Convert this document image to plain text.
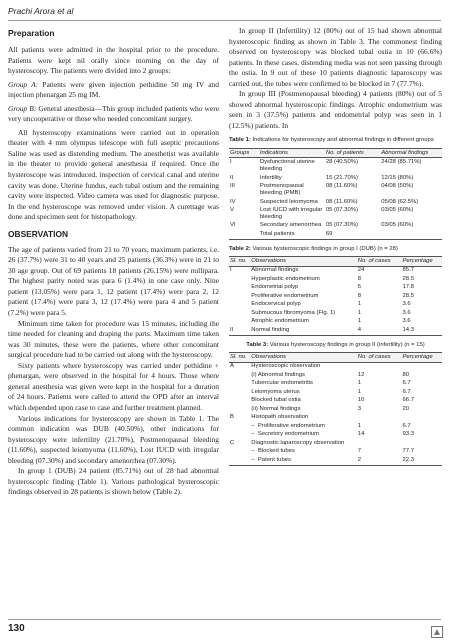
Prachi Arora et al
Preparation

All patients were admitted in the hospital prior to the procedure. Patients were kept nil orally since morning on the day of hysteroscopy. The patients were divided into 2 groups:

Group A: Patients were given injection pethidine 50 mg IV and injection phenargan 25 mg IM.

Group B: General anesthesia—This group included patients who were very uncooperative or those who needed concomitant surgery.

All hysteroscopy examinations were carried out in operation theater with 4 mm olympus telescope with full aseptic precautions Saline was used as distending medium. The anesthetist was available in the theater to provide general anesthesia if required. Once the hysteroscope was introduced, inspection of cervical canal and uterine cavity was done. Uterine fundus, each tubal ostium and the remaining cavity were inspected. Video camera was used for diagnostic purpose. In the end hysteroscope was removed under vision. A curettage was done and specimen sent for histopathology.

OBSERVATION

The age of patients varied from 21 to 70 years, maximum patients, i.e. 26 (37.7%) were 31 to 40 years and 25 patients (36.3%) were in 21 to 30 age group. Out of 69 patients 18 patients (26.15%) were nullipara. The highest parity noted was para 6 (1.4%) in one case only. Nine patient (13.05%) were para 1, 12 patient (17.4%) were para 2, 12 patient (17.4%) were para 3, 12 (17.4%) were para 4 and 5 patient (7.2%) were para 5.

Minimum time taken for procedure was 15 minutes, including the time needed for cleaning and draping the parts. Maximum time taken was 30 minutes, these were the patients, where other concomitant surgical procedure had to be carried out along with the hysteroscopy.

Sixty patients where hysteroscopy was carried under pethidine + phenargan, were observed in the hospital for 4 hours. Those where general anesthesia was given were kept in the hospital for a duration of 24 hours. Patients were called to attend the OPD after an interval which depended upon case to case and further treatment planned.

Various indications for hysteroscopy are shown in Table 1. The common indication was DUB (40.50%), other indications for hysteroscopy were infertility (21.70%), Postmenopausal bleeding (11.60%), suspected leiomyoma (11.60%), Lost IUCD with irregular bleeding (07.30%) and secondary amenorrhea (07.30%).

In group 1 (DUB) 24 patient (85.71%) out of 28 had abnormal hysteroscopic finding (Table 1). Various pathological hysteroscopic findings observed in 28 patients is shown below (Table 2).

In group II (Infertility) 12 (80%) out of 15 had shown abnormal hysteroscopic finding as shown in Table 3. The commonest finding observed on hysteroscopy was blocked tubal ostia in 10 (66.6%) patients. In these cases, distending media was not seen passing through the ostia. In 9 out of these 10 patients diagnostic laparoscopy was carried out, the tubes were confirmed to be blocked in 7 (77.7%).

In group III (Postmenopausal bleeding) 4 patients (80%) out of 5 showed abnormal hysteroscopic findings. Atrophic endometrium was seen in 3 (37.5%) patients and endometrial polyp was seen in 1 (12.5%) patients. In

Table 1: Indications for hysteroscopy and abnormal findings in different groups
Groups	Indications	No. of patients	Abnormal findings
I	Dysfunctional uterine bleeding	28 (40.50%)	24/28 (85.71%)
II	Infertility	15 (21.70%)	12/15 (80%)
III	Postmenopausal bleeding (PMB)	08 (11.60%)	04/08 (50%)
IV	Suspected leiomyoma	08 (11.60%)	05/08 (62.5%)
V	Lost IUCD with irregular bleeding	05 (07.30%)	03/05 (60%)
VI	Secondary amenorrhea	05 (07.30%)	03/05 (60%)
	Total patients	69	
Table 2: Various hysteroscopic findings in group I (DUB) (n = 28)
Sl. no.	Observations	No. of cases	Percentage
I	Abnormal findings	24	85.7
	Hyperplastic endometrium	8	28.5
	Endometrial polyp	5	17.8
	Proliferative endometrium	8	28.5
	Endocervical polyp	1	3.6
	Submucous fibromyoma (Fig. 1)	1	3.6
	Atrophic endometrium	1	3.6
II	Normal finding	4	14.3
Table 3: Various hysteroscopy findings in group II (infertility) (n = 15)
Sl. no.	Observations	No. of cases	Percentage
A	Hysteroscopic observation		
	(i) Abnormal findings	12	80
	Tubercular endometritis	1	6.7
	Leiomyoma uterus	1	6.7
	Blocked tubal ostia	10	66.7
	(ii) Normal findings	3	20
B	Histopath observation		
	–  Proliferative endometrium	1	6.7
	–  Secretory endometrium	14	93.3
C	Diagnostic laparoscopy observation		
	–  Blocked tubes	7	77.7
	–  Patent tubes	2	22.3
130
